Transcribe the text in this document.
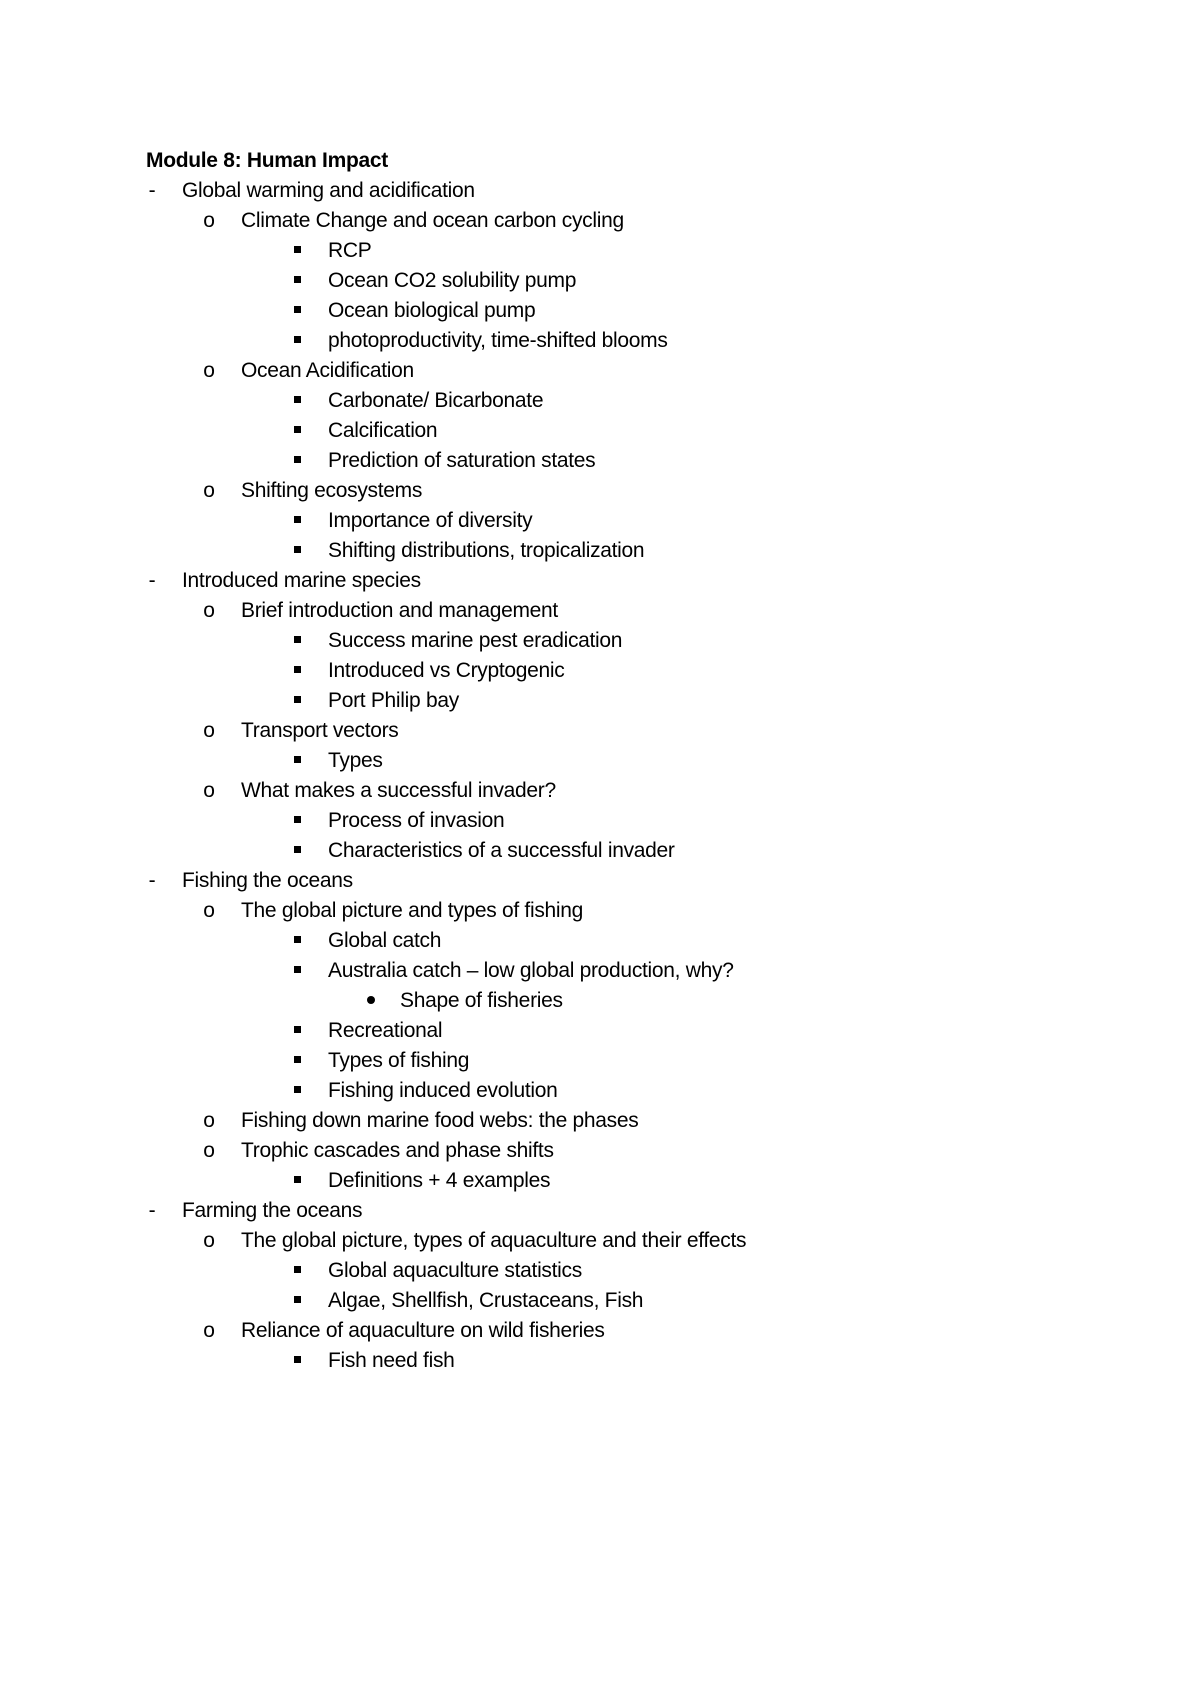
Module 8: Human Impact
- Global warming and acidification
o Climate Change and ocean carbon cycling
RCP
Ocean CO2 solubility pump
Ocean biological pump
photoproductivity, time-shifted blooms
o Ocean Acidification
Carbonate/ Bicarbonate
Calcification
Prediction of saturation states
o Shifting ecosystems
Importance of diversity
Shifting distributions, tropicalization
- Introduced marine species
o Brief introduction and management
Success marine pest eradication
Introduced vs Cryptogenic
Port Philip bay
o Transport vectors
Types
o What makes a successful invader?
Process of invasion
Characteristics of a successful invader
- Fishing the oceans
o The global picture and types of fishing
Global catch
Australia catch – low global production, why?
Shape of fisheries
Recreational
Types of fishing
Fishing induced evolution
o Fishing down marine food webs: the phases
o Trophic cascades and phase shifts
Definitions + 4 examples
- Farming the oceans
o The global picture, types of aquaculture and their effects
Global aquaculture statistics
Algae, Shellfish, Crustaceans, Fish
o Reliance of aquaculture on wild fisheries
Fish need fish
